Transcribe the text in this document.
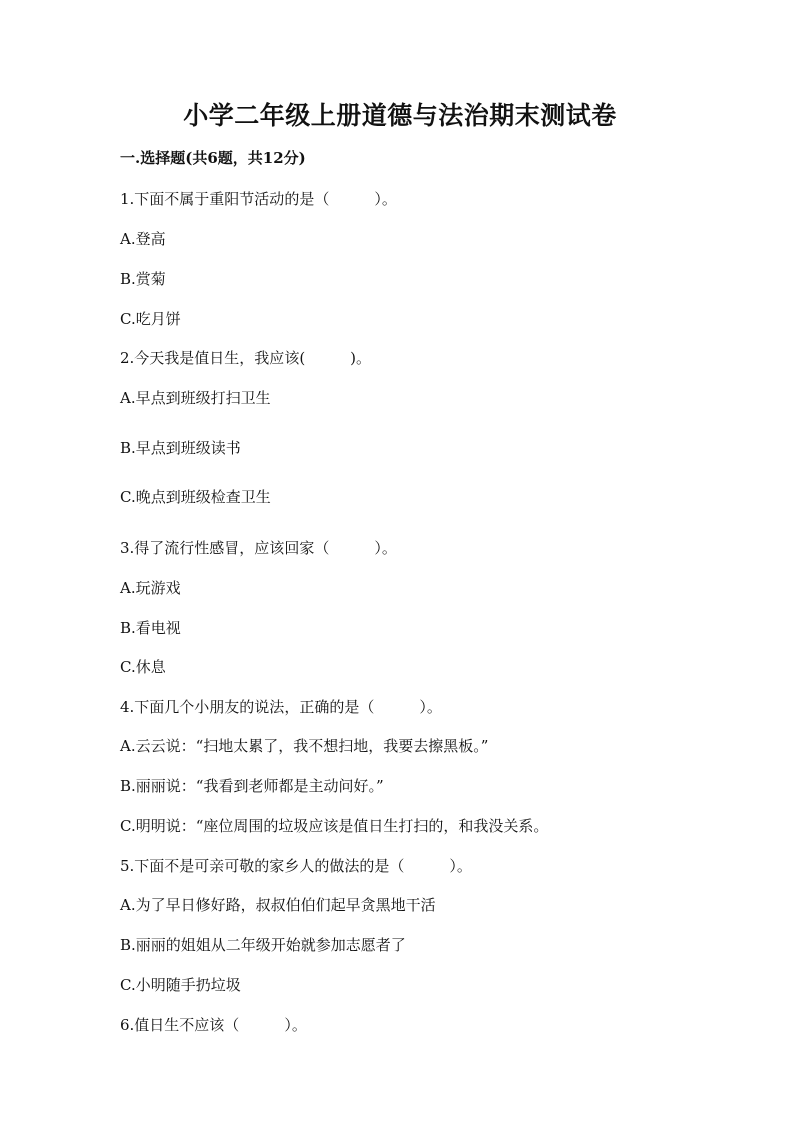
小学二年级上册道德与法治期末测试卷
一.选择题(共6题，共12分)
1.下面不属于重阳节活动的是（　　　）。
A.登高
B.赏菊
C.吃月饼
2.今天我是值日生，我应该(　　　)。
A.早点到班级打扫卫生
B.早点到班级读书
C.晚点到班级检查卫生
3.得了流行性感冒，应该回家（　　　）。
A.玩游戏
B.看电视
C.休息
4.下面几个小朋友的说法，正确的是（　　　）。
A.云云说：“扫地太累了，我不想扫地，我要去擦黑板。”
B.丽丽说：“我看到老师都是主动问好。”
C.明明说：“座位周围的垃圾应该是值日生打扫的，和我没关系。
5.下面不是可亲可敬的家乡人的做法的是（　　　）。
A.为了早日修好路，叔叔伯伯们起早贪黑地干活
B.丽丽的姐姐从二年级开始就参加志愿者了
C.小明随手扔垃圾
6.值日生不应该（　　　）。
